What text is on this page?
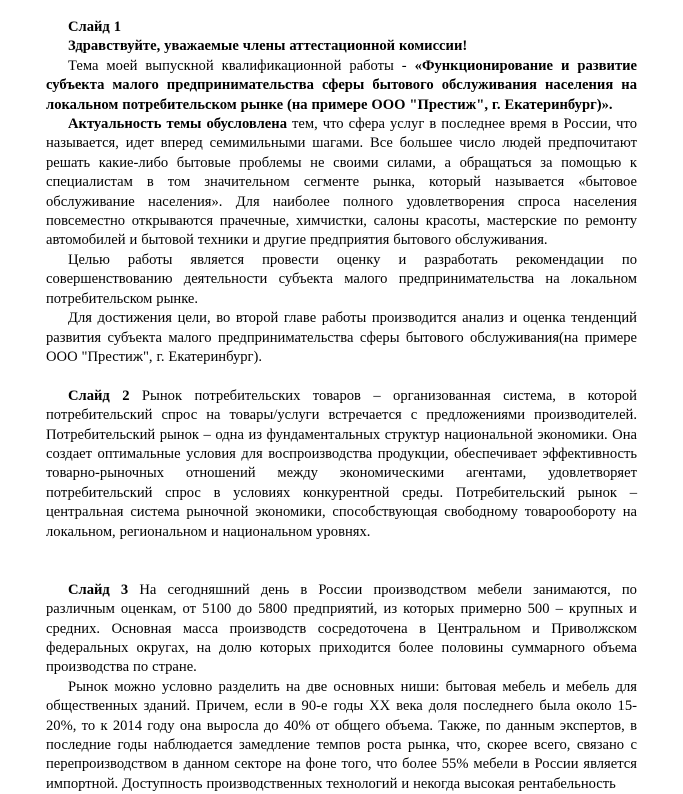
Слайд 1

Здравствуйте, уважаемые члены аттестационной комиссии!

Тема моей выпускной квалификационной работы - «Функционирование и развитие субъекта малого предпринимательства сферы бытового обслуживания населения на локальном потребительском рынке (на примере ООО "Престиж", г. Екатеринбург)».

Актуальность темы обусловлена тем, что сфера услуг в последнее время в России, что называется, идет вперед семимильными шагами. Все большее число людей предпочитают решать какие-либо бытовые проблемы не своими силами, а обращаться за помощью к специалистам в том значительном сегменте рынка, который называется «бытовое обслуживание населения». Для наиболее полного удовлетворения спроса населения повсеместно открываются прачечные, химчистки, салоны красоты, мастерские по ремонту автомобилей и бытовой техники и другие предприятия бытового обслуживания.

Целью работы является провести оценку и разработать рекомендации по совершенствованию деятельности субъекта малого предпринимательства на локальном потребительском рынке.

Для достижения цели, во второй главе работы производится анализ и оценка тенденций развития субъекта малого предпринимательства сферы бытового обслуживания(на примере ООО "Престиж", г. Екатеринбург).

Слайд 2 Рынок потребительских товаров – организованная система, в которой потребительский спрос на товары/услуги встречается с предложениями производителей. Потребительский рынок – одна из фундаментальных структур национальной экономики. Она создает оптимальные условия для воспроизводства продукции, обеспечивает эффективность товарно-рыночных отношений между экономическими агентами, удовлетворяет потребительский спрос в условиях конкурентной среды. Потребительский рынок – центральная система рыночной экономики, способствующая свободному товарообороту на локальном, региональном и национальном уровнях.

Слайд 3 На сегодняшний день в России производством мебели занимаются, по различным оценкам, от 5100 до 5800 предприятий, из которых примерно 500 – крупных и средних. Основная масса производств сосредоточена в Центральном и Приволжском федеральных округах, на долю которых приходится более половины суммарного объема производства по стране.

Рынок можно условно разделить на две основных ниши: бытовая мебель и мебель для общественных зданий. Причем, если в 90-е годы XX века доля последнего была около 15-20%, то к 2014 году она выросла до 40% от общего объема. Также, по данным экспертов, в последние годы наблюдается замедление темпов роста рынка, что, скорее всего, связано с перепроизводством в данном секторе на фоне того, что более 55% мебели в России является импортной. Доступность производственных технологий и некогда высокая рентабельность
